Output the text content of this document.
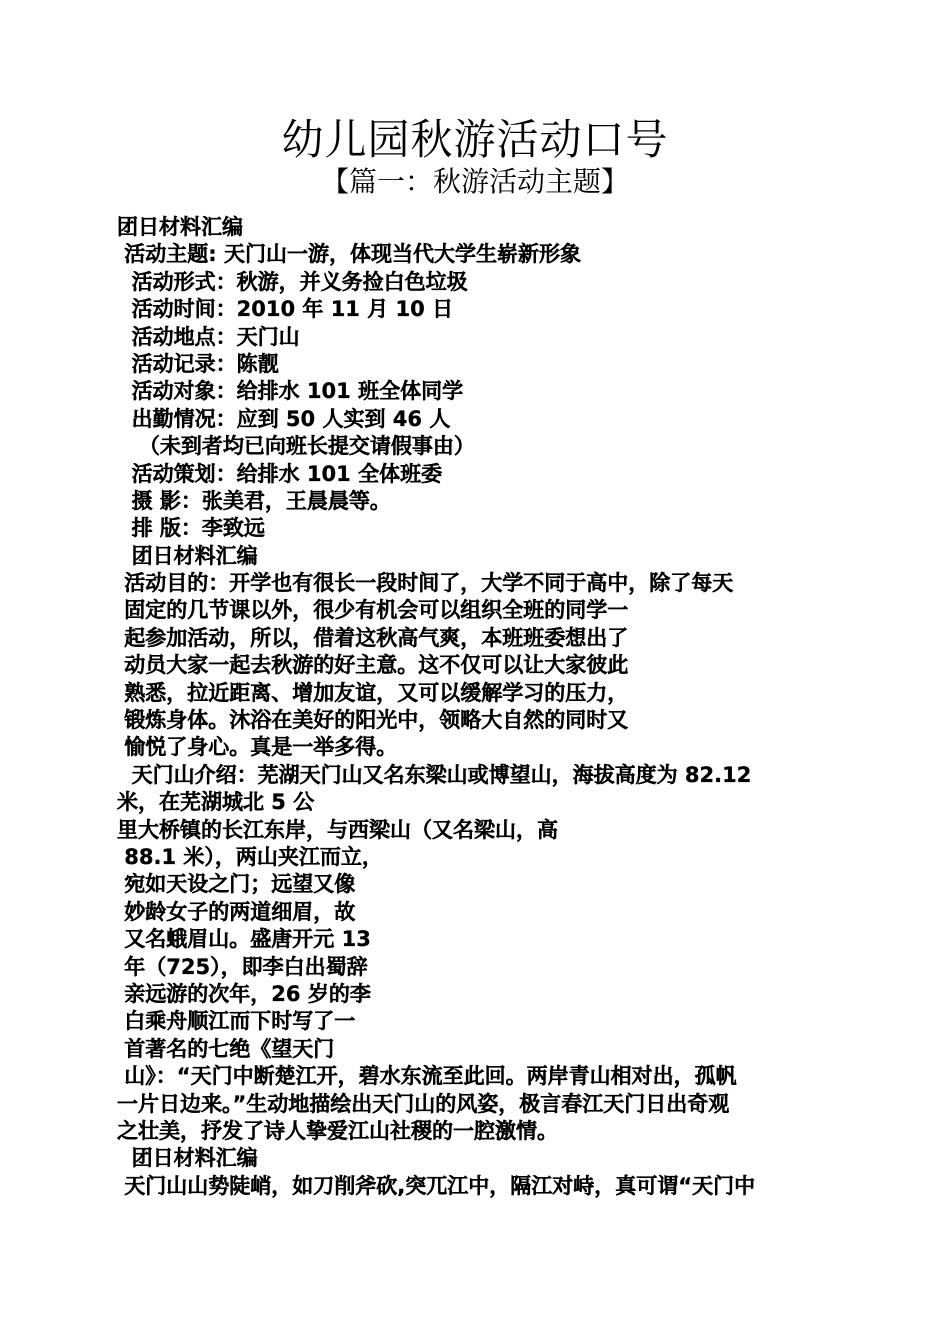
幼儿园秋游活动口号
【篇一：秋游活动主题】
团日材料汇编
活动主题: 天门山一游，体现当代大学生崭新形象
活动形式：秋游，并义务捡白色垃圾
活动时间：2010 年 11 月 10 日
活动地点：天门山
活动记录：陈靓
活动对象：给排水 101 班全体同学
出勤情况：应到 50 人实到 46 人
（未到者均已向班长提交请假事由）
活动策划：给排水 101 全体班委
摄 影：张美君，王晨晨等。
排 版：李致远
团日材料汇编
活动目的：开学也有很长一段时间了，大学不同于高中，除了每天
固定的几节课以外，很少有机会可以组织全班的同学一
起参加活动，所以，借着这秋高气爽，本班班委想出了
动员大家一起去秋游的好主意。这不仅可以让大家彼此
熟悉，拉近距离、增加友谊，又可以缓解学习的压力，
锻炼身体。沐浴在美好的阳光中，领略大自然的同时又
愉悦了身心。真是一举多得。
天门山介绍：芜湖天门山又名东梁山或博望山，海拔高度为 82.12
米，在芜湖城北 5 公
里大桥镇的长江东岸，与西梁山（又名梁山，高
88.1 米），两山夹江而立，
宛如天设之门；远望又像
妙龄女子的两道细眉，故
又名蛾眉山。盛唐开元 13
年（725），即李白出蜀辞
亲远游的次年，26 岁的李
白乘舟顺江而下时写了一
首著名的七绝《望天门
山》：“天门中断楚江开，碧水东流至此回。两岸青山相对出，孤帆
一片日边来。”生动地描绘出天门山的风姿，极言春江天门日出奇观
之壮美，抒发了诗人挚爱江山社稷的一腔激情。
团日材料汇编
天门山山势陡峭，如刀削斧砍,突兀江中，隔江对峙，真可谓“天门中
